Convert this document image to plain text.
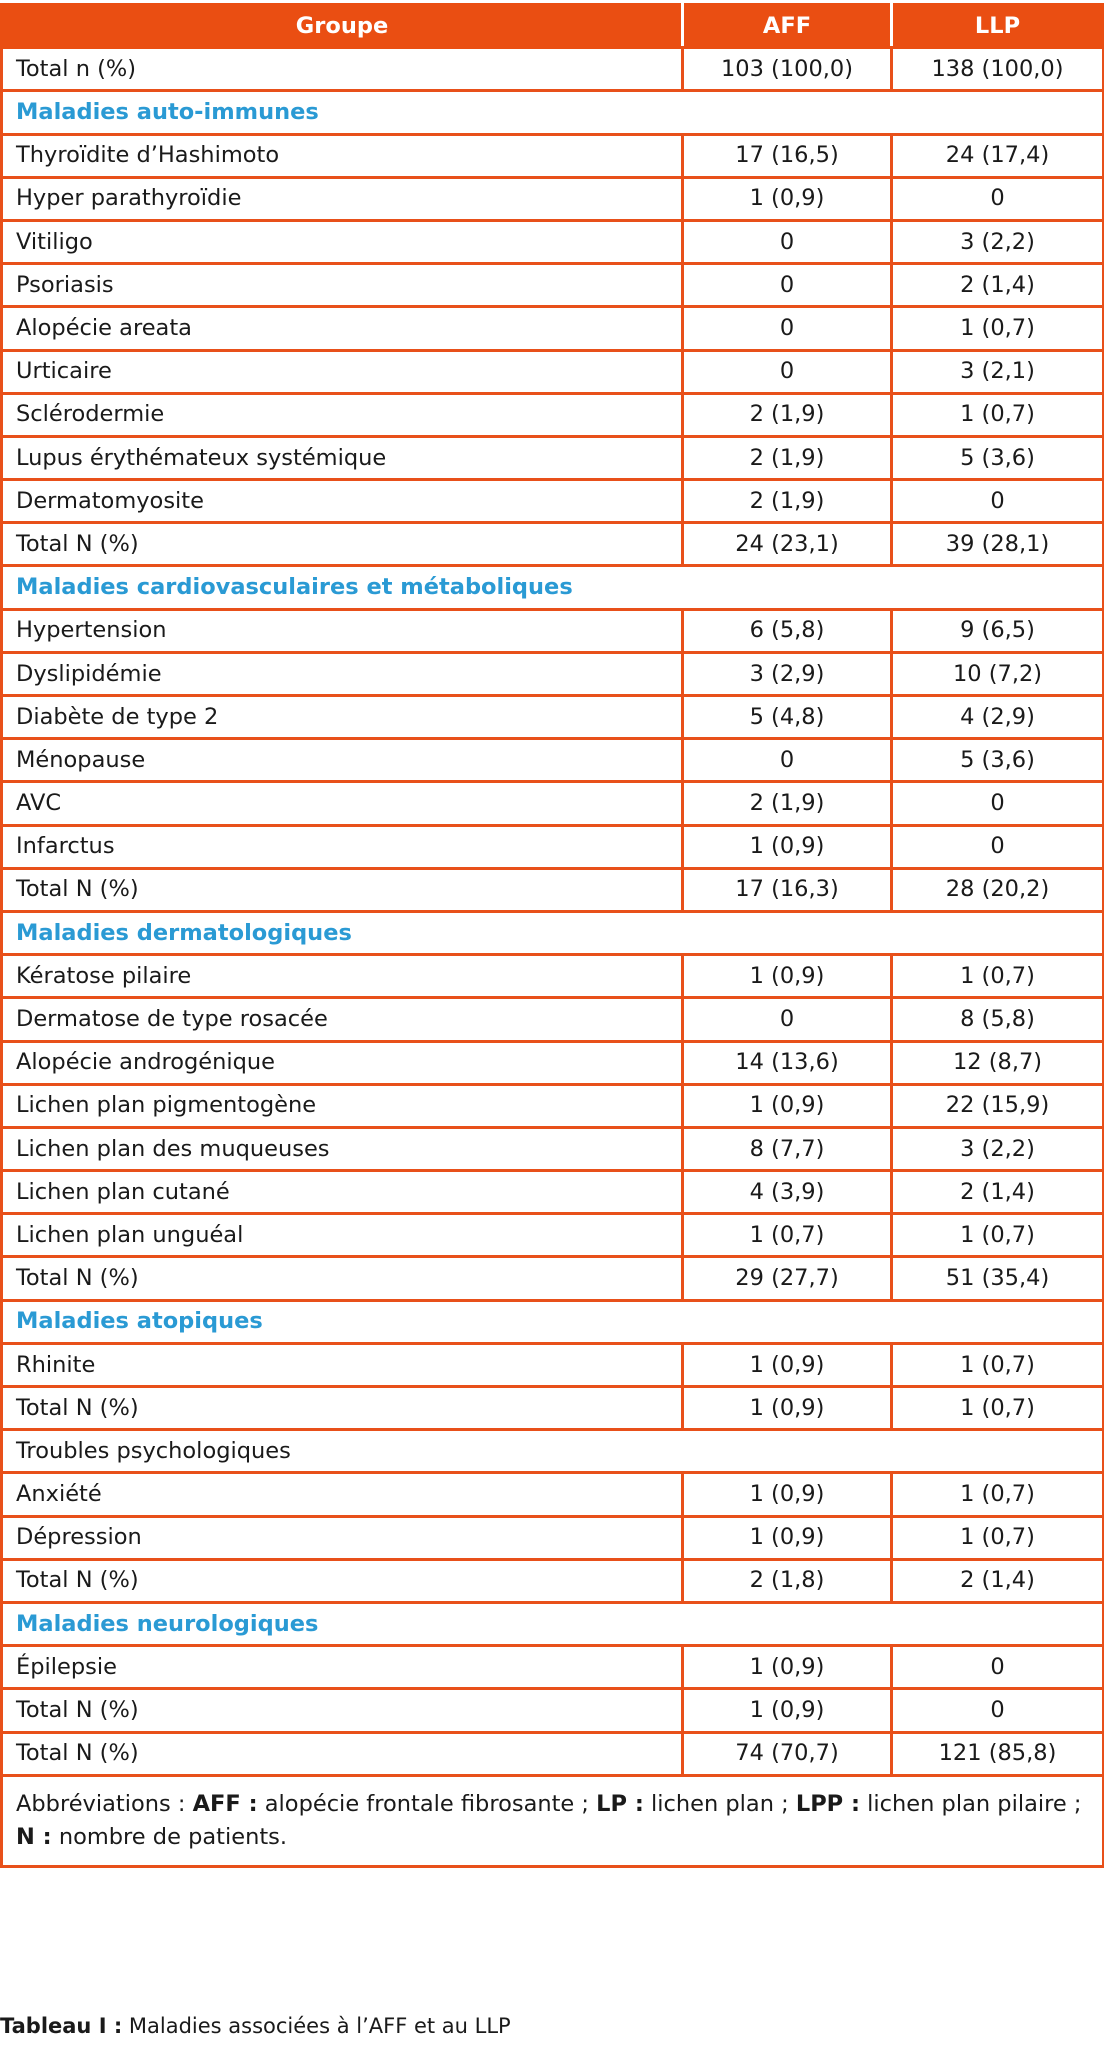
Groupe	AFF	LLP
Total n (%)	103 (100,0)	138 (100,0)
Maladies auto-immunes		
Thyroïdite d’Hashimoto	17 (16,5)	24 (17,4)
Hyper parathyroïdie	1 (0,9)	0
Vitiligo	0	3 (2,2)
Psoriasis	0	2 (1,4)
Alopécie areata	0	1 (0,7)
Urticaire	0	3 (2,1)
Sclérodermie	2 (1,9)	1 (0,7)
Lupus érythémateux systémique	2 (1,9)	5 (3,6)
Dermatomyosite	2 (1,9)	0
Total N (%)	24 (23,1)	39 (28,1)
Maladies cardiovasculaires et métaboliques		
Hypertension	6 (5,8)	9 (6,5)
Dyslipidémie	3 (2,9)	10 (7,2)
Diabète de type 2	5 (4,8)	4 (2,9)
Ménopause	0	5 (3,6)
AVC	2 (1,9)	0
Infarctus	1 (0,9)	0
Total N (%)	17 (16,3)	28 (20,2)
Maladies dermatologiques		
Kératose pilaire	1 (0,9)	1 (0,7)
Dermatose de type rosacée	0	8 (5,8)
Alopécie androgénique	14 (13,6)	12 (8,7)
Lichen plan pigmentogène	1 (0,9)	22 (15,9)
Lichen plan des muqueuses	8 (7,7)	3 (2,2)
Lichen plan cutané	4 (3,9)	2 (1,4)
Lichen plan unguéal	1 (0,7)	1 (0,7)
Total N (%)	29 (27,7)	51 (35,4)
Maladies atopiques		
Rhinite	1 (0,9)	1 (0,7)
Total N (%)	1 (0,9)	1 (0,7)
Troubles psychologiques		
Anxiété	1 (0,9)	1 (0,7)
Dépression	1 (0,9)	1 (0,7)
Total N (%)	2 (1,8)	2 (1,4)
Maladies neurologiques		
Épilepsie	1 (0,9)	0
Total N (%)	1 (0,9)	0
Total N (%)	74 (70,7)	121 (85,8)
Abbréviations : AFF : alopécie frontale fibrosante ; LP : lichen plan ; LPP : lichen plan pilaire ;
N : nombre de patients.		
Tableau I : Maladies associées à l’AFF et au LLP
